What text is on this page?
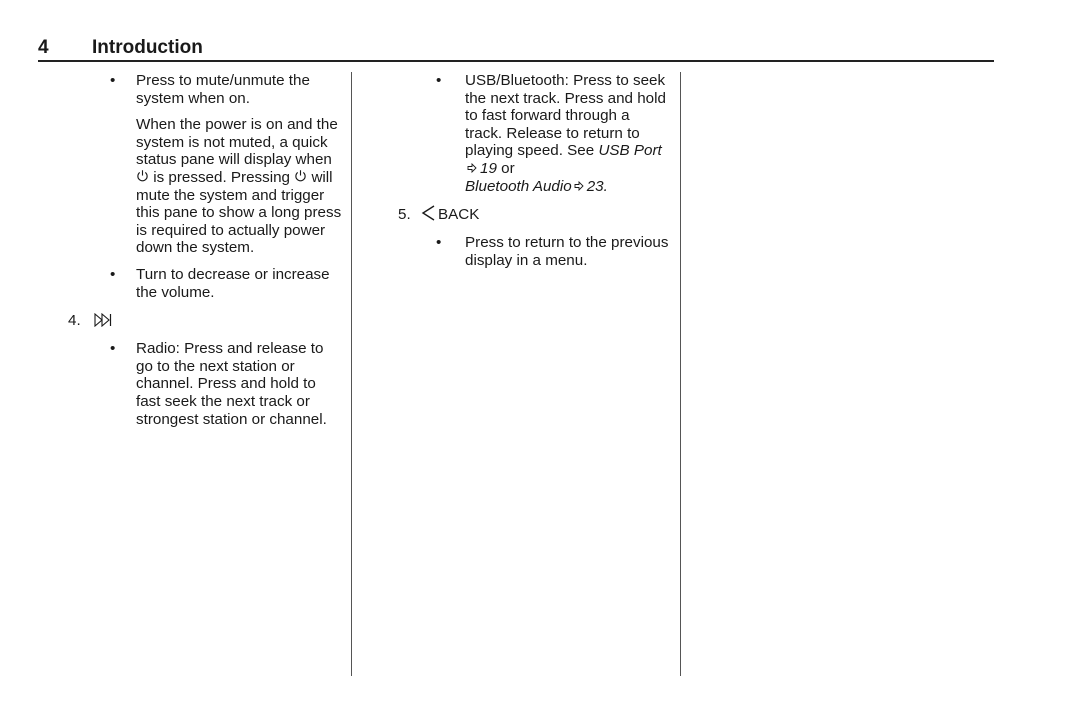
4 Introduction
• Press to mute/unmute the system when on.
When the power is on and the system is not muted, a quick status pane will display when  is pressed. Pressing will mute the system and trigger this pane to show a long press is required to actually power down the system.
• Turn to decrease or increase the volume.
4.
• Radio: Press and release to go to the next station or channel. Press and hold to fast seek the next track or strongest station or channel.
• USB/Bluetooth: Press to seek the next track. Press and hold to fast forward through a track. Release to return to playing speed. See USB Port19 or
Bluetooth Audio 23.
5. BACK
• Press to return to the previous display in a menu.
